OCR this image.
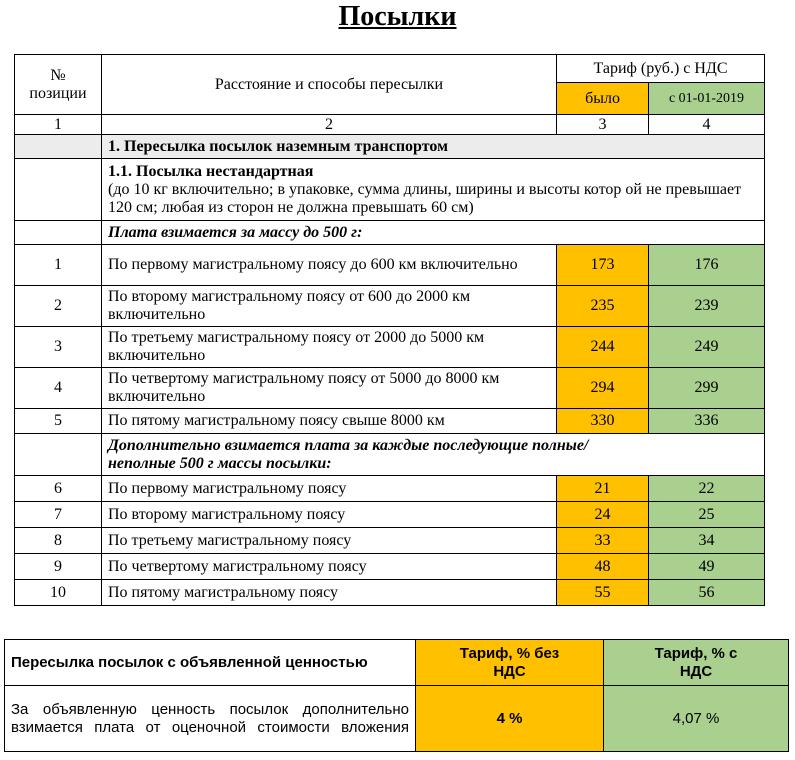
Посылки
№ позиции	Расстояние и способы пересылки	Тариф (руб.) с НДС	
		было	с 01-01-2019
1	2	3	4
	1. Пересылка посылок наземным транспортом		

	1.1. Посылка нестандартная
(до 10 кг включительно; в упаковке, сумма длины, ширины и высоты котор ой не превышает 120 см; любая из сторон не должна превышать 60 см)		

	Плата взимается за массу до 500 г:		
1	По первому магистральному поясу до 600 км включительно	173	176
2	По второму магистральному поясу от 600 до 2000 км включительно	235	239
3	По третьему магистральному поясу от 2000 до 5000 км включительно	244	249
4	По четвертому магистральному поясу от 5000 до 8000 км включительно	294	299
5	По пятому магистральному поясу свыше 8000 км	330	336
	Дополнительно взимается плата за каждые последующие полные/неполные 500 г массы посылки:		
6	По первому магистральному поясу	21	22
7	По второму магистральному поясу	24	25
8	По третьему магистральному поясу	33	34
9	По четвертому магистральному поясу	48	49
10	По пятому магистральному поясу	55	56
Пересылка посылок с объявленной ценностью	Тариф, % без НДС	Тариф, % с НДС
За объявленную ценность посылок дополнительно взимается плата от оценочной стоимости вложения	4 %	4,07 %
